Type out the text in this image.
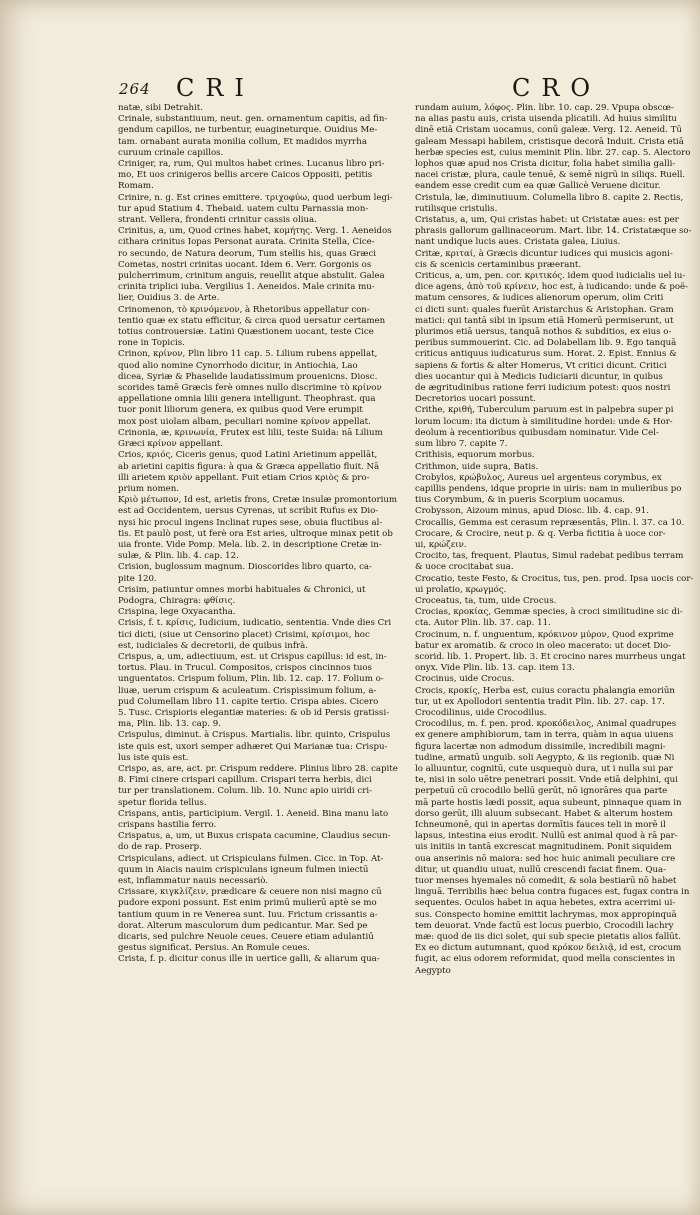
264 CRI	CRO
natæ, sibi Detrahit.
Crinale, substantiuum, neut. gen. ornamentum capitis, ad fin-
gendum capillos, ne turbentur, euagineturque. Ouidius Me-
tam. ornabant aurata monilia collum, Et madidos myrrha
curuum crinale capillos.
Criniger, ra, rum, Qui multos habet crines. Lucanus libro pri-
mo, Et uos crinigeros bellis arcere Caicos Oppositi, petitis
Romam.
Crinire, n. g. Est crines emittere. τριχοφύω, quod uerbum legi-
tur apud Statium 4. Thebaid. uatem cultu Parnassia mon-
strant. Vellera, frondenti crinitur cassis oliua.
Crinitus, a, um, Quod crines habet, κομήτης. Verg. 1. Aeneidos
cithara crinitus Iopas Personat aurata. Crinita Stella, Cice-
ro secundo, de Natura deorum, Tum stellis his, quas Græci
Cometas, nostri crinitas uocant. Idem 6. Verr. Gorgonis os
pulcherrimum, crinitum anguis, reuellit atque abstulit. Galea
crinita triplici iuba. Vergilius 1. Aeneidos. Male crinita mu-
lier, Ouidius 3. de Arte.
Crinomenon, τὸ κρινόμενον, à Rhetoribus appellatur con-
tentio quæ ex statu efficitur, & circa quod uersatur certamen
totius controuersiæ. Latini Quæstionem uocant, teste Cice
rone in Topicis.
Crinon, κρίνον, Plin libro 11 cap. 5. Lilium rubens appellat,
quod alio nomine Cynorrhodo dicitur, in Antiochia, Lao
dicea, Syriæ & Phaselide laudatissimum prouenicns. Diosc.
scorides tamē Græcis ferè omnes nullo discrimine τὸ κρίνον
appellatione omnia lilii genera intelligunt. Theophrast. qua
tuor ponit liliorum genera, ex quibus quod Vere erumpit
mox post uiolam albam, peculiari nomine κρίνον appellat.
Crinonia, æ, κρινωνία, Frutex est lilii, teste Suida: nā Lilium
Græci κρίνον appellant.
Crios, κριός, Ciceris genus, quod Latini Arietinum appellāt,
ab arietini capitis figura: à qua & Græca appellatio fluit. Nā
illi arietem κριὸν appellant. Fuit etiam Crios κριὸς & pro-
prium nomen.
Κριὸ μέτωπον, Id est, arietis frons, Cretæ insulæ promontorium
est ad Occidentem, uersus Cyrenas, ut scribit Rufus ex Dio-
nysi hic procul ingens Inclinat rupes sese, obuia fluctibus al-
tis. Et paulò post, ut ferè ora Est aries, ultroque minax petit ob
uia fronte. Vide Pomp. Mela. lib. 2. in descriptione Cretæ in-
sulæ, & Plin. lib. 4. cap. 12.
Crision, buglossum magnum. Dioscorides libro quarto, ca-
pite 120.
Crisim, patiuntur omnes morbi habituales & Chronici, ut
Podogra, Chiragra: φθίσις.
Crispina, lege Oxyacantha.
Crisis, f. t. κρίσις, Iudicium, iudicatio, sententia. Vnde dies Cri
tici dicti, (siue ut Censorino placet) Crisimi, κρίσιμοι, hoc
est, iudiciales & decretorii, de quibus infrà.
Crispus, a, um, adiectiuum, est. ut Crispus capillus: id est, in-
tortus. Plau. in Trucul. Compositos, crispos cincinnos tuos
unguentatos. Crispum folium, Plin. lib. 12. cap. 17. Folium o-
liuæ, uerum crispum & aculeatum. Crispissimum folium, a-
pud Columellam libro 11. capite tertio. Crispa abies. Cicero
5. Tusc. Crispioris elegantiæ materies: & ob id Persis gratissi-
ma, Plin. lib. 13. cap. 9.
Crispulus, diminut. à Crispus. Martialis. libr. quinto, Crispulus
iste quis est, uxori semper adhæret Qui Marianæ tua: Crispu-
lus iste quis est.
Crispo, as, are, act. pr. Crispum reddere. Plinius libro 28. capite
8. Fimi cinere crispari capillum. Crispari terra herbis, dici
tur per translationem. Colum. lib. 10. Nunc apio uiridi cri-
spetur florida tellus.
Crispans, antis, participium. Vergil. 1. Aeneid. Bina manu lato
crispans hastilia ferro.
Crispatus, a, um, ut Buxus crispata cacumine, Claudius secun-
do de rap. Proserp.
Crispiculans, adiect. ut Crispiculans fulmen. Cicc. in Top. At-
quum in Aiacis nauim crispiculans igneum fulmen iniectū
est, inflammatur nauis necessariò.
Crissare, κιγκλίζειν, prædicare & ceuere non nisi magno cū
pudore exponi possunt. Est enim primū mulierū aptè se mo
tantium quum in re Venerea sunt. Iuu. Frictum crissantis a-
dorat. Alterum masculorum dum pedicantur. Mar. Sed pe
dicaris, sed pulchre Neuole ceues. Ceuere etiam adulantiū
gestus significat. Persius. An Romule ceues.
Crista, f. p. dicitur conus ille in uertice galli, & aliarum qua-
rundam auium, λόφος. Plin. libr. 10. cap. 29. Vpupa obscœ-
na alias pastu auis, crista uisenda plicatili. Ad huius similitu
dinē etiā Cristam uocamus, conū galeæ. Verg. 12. Aeneid. Tū
galeam Messapi habilem, cristisque decorā Induit. Crista etiā
herbæ species est, cuius meminit Plin. libr. 27. cap. 5. Alectoro
lophos quæ apud nos Crista dicitur, folia habet similia galli-
nacei cristæ, plura, caule tenuē, & semē nigrū in siliqs. Ruell.
eandem esse credit cum ea quæ Gallicè Veruene dicitur.
Cristula, læ, diminutiuum. Columella libro 8. capite 2. Rectis,
rutilisque cristulis.
Cristatus, a, um, Qui cristas habet: ut Cristatæ aues: est per
phrasis gallorum gallinaceorum. Mart. libr. 14. Cristatæque so-
nant undique lucis aues. Cristata galea, Liuius.
Critæ, κριταί, à Græcis dicuntur iudices qui musicis agoni-
cis & scenicis certaminibus præerant.
Criticus, a, um, pen. cor. κριτικός. idem quod iudicialis uel iu-
dice agens, ἀπὸ τοῦ κρίνειν, hoc est, à iudicando: unde & poë-
matum censores, & iudices alienorum operum, olim Criti
ci dicti sunt: quales fuerūt Aristarchus & Aristophan. Gram
matici: qui tantā sibi in ipsum etiā Homerū permiserunt, ut
plurimos etiā uersus, tanquā nothos & subditios, ex eius o-
peribus summouerint. Cic. ad Dolabellam lib. 9. Ego tanquā
criticus antiquus iudicaturus sum. Horat. 2. Epist. Ennius &
sapiens & fortis & alter Homerus, Vt critici dicunt. Critici
dies uocantur qui à Medicis Iudiciarii dicuntur, in quibus
de ægritudinibus ratione ferri iudicium potest: quos nostri
Decretorios uocari possunt.
Crithe, κριθή, Tuberculum paruum est in palpebra super pi
lorum locum: ita dictum à similitudine hordei: unde & Hor-
deolum à recentioribus quibusdam nominatur. Vide Cel-
sum libro 7. capite 7.
Crithisis, equorum morbus.
Crithmon, uide supra, Batis.
Crobylos, κρώβυλος, Aureus uel argenteus corymbus, ex
capillis pendens, idque proprie in uiris: nam in mulieribus po
tius Corymbum, & in pueris Scorpium uocamus.
Crobysson, Aizoum minus, apud Diosc. lib. 4. cap. 91.
Crocallis, Gemma est cerasum repræsentās, Plin. l. 37. ca 10.
Crocare, & Crocire, neut p. & q. Verba fictitia à uoce cor-
ui, κρώζειν.
Crocito, tas, frequent. Plautus, Simul radebat pedibus terram
& uoce crocitabat sua.
Crocatio, teste Festo, & Crocitus, tus, pen. prod. Ipsa uocis cor-
ui prolatio, κρωγμός.
Croceatus, ta, tum, uide Crocus.
Crocias, κροκίας, Gemmæ species, à croci similitudine sic di-
cta. Autor Plin. lib. 37. cap. 11.
Crocinum, n. f. unguentum, κρόκινον μύρον, Quod exprime
batur ex aromatib. & croco in oleo macerato: ut docet Dio-
scorid. lib. 1. Propert. lib. 3. Et crocino nares murrheus ungat
onyx. Vide Plin. lib. 13. cap. item 13.
Crocinus, uide Crocus.
Crocis, κροκίς, Herba est, cuius coractu phalangia emoriūn
tur, ut ex Apollodori sententia tradit Plin. lib. 27. cap. 17.
Crocodilinus, uide Crocodilus.
Crocodilus, m. f. pen. prod. κροκόδειλος, Animal quadrupes
ex genere amphibiorum, tam in terra, quàm in aqua uiuens
figura lacertæ non admodum dissimile, incredibili magni-
tudine, armatū unguib. soli Aegypto, & iis regionib. quæ Ni
lo alluuntur, cognitū, cute usquequò dura, ut i nulla sui par
te, nisi in solo uētre penetrari possit. Vnde etiā delphini, qui
perpetuū cū crocodilo bellū gerūt, nō ignorāres qua parte
mā parte hostis lædi possit, aqua subeunt, pinnaque quam in
dorso gerūt, illi aluum subsecant. Habet & alterum hostem
Ichneumonē, qui in apertas dormītis fauces teli in morē il
lapsus, intestina eius erodit. Nullū est animal quod à rā par-
uis initiis in tantā excrescat magnitudinem. Ponit siquidem
oua anserinis nō maiora: sed hoc huic animali peculiare cre
ditur, ut quandiu uiuat, nullū crescendi faciat finem. Qua-
tuor menses hyemales nō comedit, & sola bestiarū nō habet
linguā. Terribilis hæc belua contra fugaces est, fugax contra in
sequentes. Oculos habet in aqua hebetes, extra acerrimi ui-
sus. Conspecto homine emittit lachrymas, mox appropinquā
tem deuorat. Vnde factū est locus puerbio, Crocodili lachry
mæ: quod de iis dici solet, qui sub specie pietatis alios fallūt.
Ex eo dictum autumnant, quod κρόκον δειλιᾷ, id est, crocum
fugit, ac eius odorem reformidat, quod mella conscientes in
Aegypto
